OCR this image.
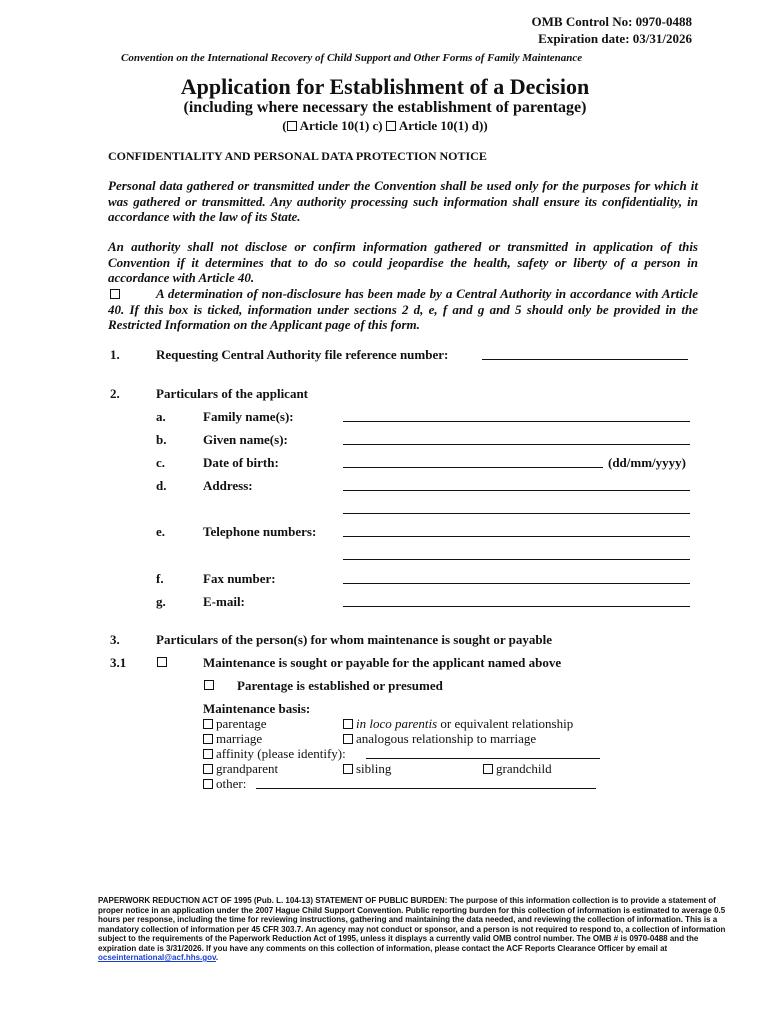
OMB Control No: 0970-0488
Expiration date: 03/31/2026
Convention on the International Recovery of Child Support and Other Forms of Family Maintenance
Application for Establishment of a Decision
(including where necessary the establishment of parentage)
( Article 10(1) c) Article 10(1) d))
CONFIDENTIALITY AND PERSONAL DATA PROTECTION NOTICE
Personal data gathered or transmitted under the Convention shall be used only for the purposes for which it was gathered or transmitted. Any authority processing such information shall ensure its confidentiality, in accordance with the law of its State.
An authority shall not disclose or confirm information gathered or transmitted in application of this Convention if it determines that to do so could jeopardise the health, safety or liberty of a person in accordance with Article 40.
A determination of non-disclosure has been made by a Central Authority in accordance with Article 40. If this box is ticked, information under sections 2 d, e, f and g and 5 should only be provided in the Restricted Information on the Applicant page of this form.
1.	Requesting Central Authority file reference number:
2.	Particulars of the applicant
a.	Family name(s):
b.	Given name(s):
c.	Date of birth:	(dd/mm/yyyy)
d.	Address:
e.	Telephone numbers:
f.	Fax number:
g.	E-mail:
3.	Particulars of the person(s) for whom maintenance is sought or payable
3.1	Maintenance is sought or payable for the applicant named above
Parentage is established or presumed
Maintenance basis:
parentage	in loco parentis or equivalent relationship
marriage	analogous relationship to marriage
affinity (please identify):
grandparent	sibling	grandchild
other:
PAPERWORK REDUCTION ACT OF 1995 (Pub. L. 104-13) STATEMENT OF PUBLIC BURDEN: The purpose of this information collection is to provide a statement of proper notice in an application under the 2007 Hague Child Support Convention. Public reporting burden for this collection of information is estimated to average 0.5 hours per response, including the time for reviewing instructions, gathering and maintaining the data needed, and reviewing the collection of information. This is a mandatory collection of information per 45 CFR 303.7. An agency may not conduct or sponsor, and a person is not required to respond to, a collection of information subject to the requirements of the Paperwork Reduction Act of 1995, unless it displays a currently valid OMB control number. The OMB # is 0970-0488 and the expiration date is 3/31/2026. If you have any comments on this collection of information, please contact the ACF Reports Clearance Officer by email at ocseinternational@acf.hhs.gov.
